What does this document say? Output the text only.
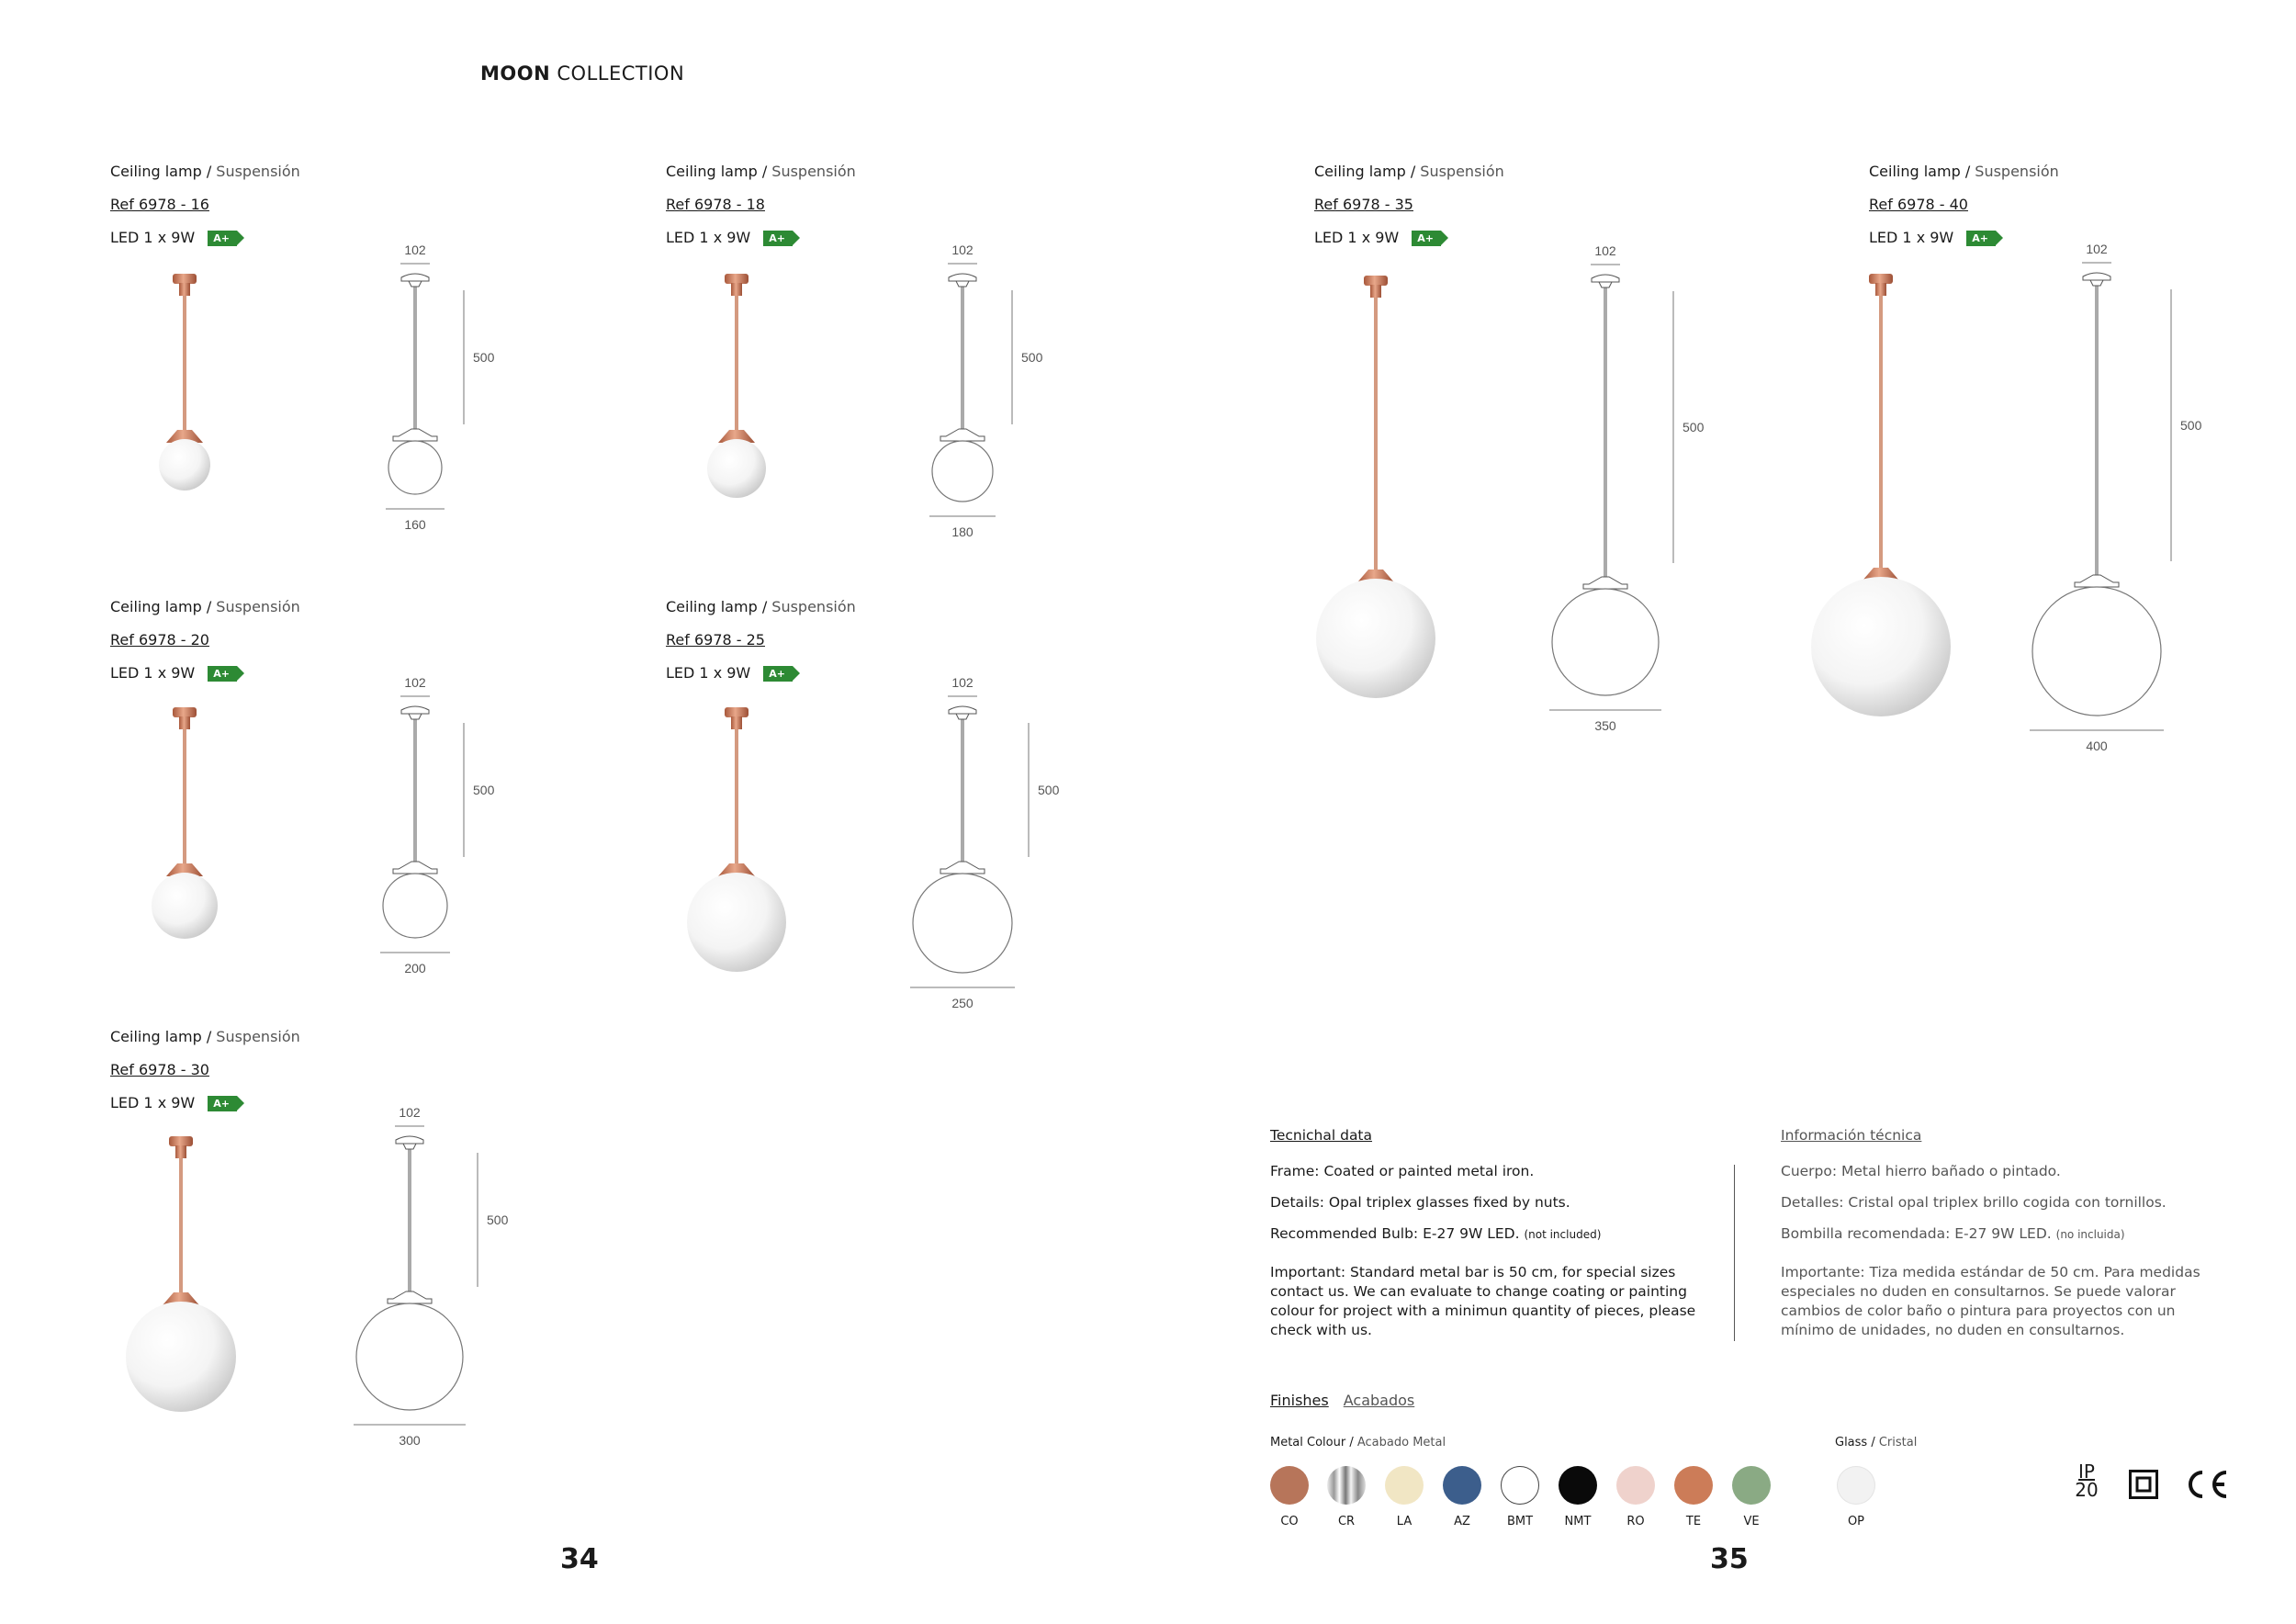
MOON COLLECTION
Ceiling lamp / Suspensión
Ref 6978 - 16
LED 1 x 9W	A+
Ceiling lamp / Suspensión
Ref 6978 - 18
LED 1 x 9W	A+
Ceiling lamp / Suspensión
Ref 6978 - 20
LED 1 x 9W	A+
Ceiling lamp / Suspensión
Ref 6978 - 25
LED 1 x 9W	A+
Ceiling lamp / Suspensión
Ref 6978 - 30
LED 1 x 9W	A+
Ceiling lamp / Suspensión
Ref 6978 - 35
LED 1 x 9W	A+
Ceiling lamp / Suspensión
Ref 6978 - 40
LED 1 x 9W	A+
102
500
160
102
500
180
102
500
200
102
500
250
102
500
300
102
500
350
102
500
400
34	35
Tecnichal data

Frame: Coated or painted metal iron.

Details: Opal triplex glasses fixed by nuts.

Recommended Bulb: E-27 9W LED. (not included)

Important: Standard metal bar is 50 cm, for special sizes contact us. We can evaluate to change coating or painting colour for project with a minimun quantity of pieces, please check with us.

Información técnica

Cuerpo: Metal hierro bañado o pintado.

Detalles: Cristal opal triplex brillo cogida con tornillos.

Bombilla recomendada: E-27 9W LED. (no incluida)

Importante: Tiza medida estándar de 50 cm. Para medidas especiales no duden en consultarnos. Se puede valorar cambios de color baño o pintura para proyectos con un mínimo de unidades, no duden en consultarnos.

Finishes Acabados
Metal Colour / Acabado Metal	Glass / Cristal
CO	CR	LA	AZ	BMT	NMT	RO	TE	VE	OP
IP
20
